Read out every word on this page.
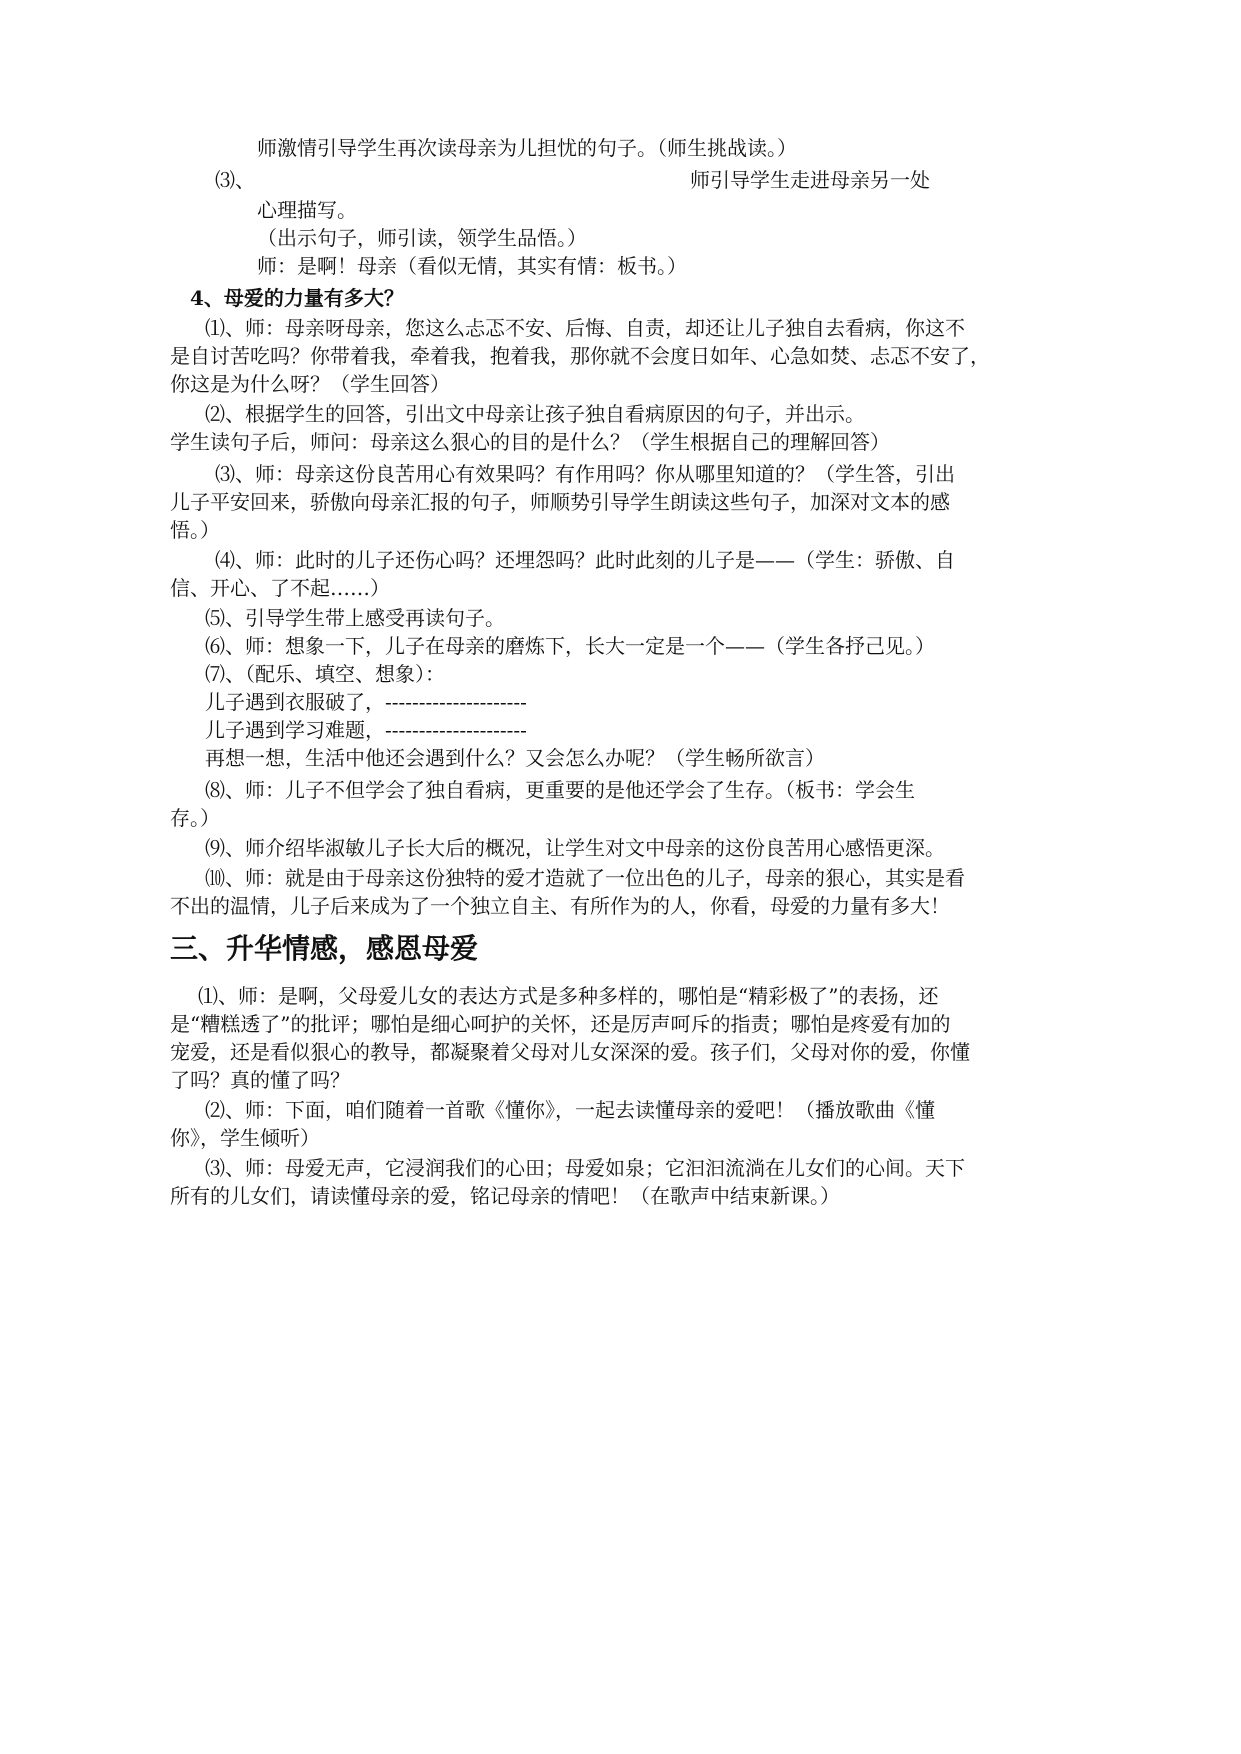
师激情引导学生再次读母亲为儿担忧的句子。（师生挑战读。）
⑶、	师引导学生走进母亲另一处
心理描写。
（出示句子，师引读，领学生品悟。）
师：是啊！母亲（看似无情，其实有情：板书。）
4、母爱的力量有多大？
⑴、师：母亲呀母亲，您这么忐忑不安、后悔、自责，却还让儿子独自去看病，你这不
是自讨苦吃吗？你带着我，牵着我，抱着我，那你就不会度日如年、心急如焚、忐忑不安了，
你这是为什么呀？（学生回答）
⑵、根据学生的回答，引出文中母亲让孩子独自看病原因的句子，并出示。
学生读句子后，师问：母亲这么狠心的目的是什么？（学生根据自己的理解回答）
⑶、师：母亲这份良苦用心有效果吗？有作用吗？你从哪里知道的？（学生答，引出
儿子平安回来，骄傲向母亲汇报的句子，师顺势引导学生朗读这些句子，加深对文本的感
悟。）
⑷、师：此时的儿子还伤心吗？还埋怨吗？此时此刻的儿子是——（学生：骄傲、自
信、开心、了不起……）
⑸、引导学生带上感受再读句子。
⑹、师：想象一下，儿子在母亲的磨炼下，长大一定是一个——（学生各抒己见。）
⑺、（配乐、填空、想象）：
儿子遇到衣服破了，---------------------
儿子遇到学习难题，---------------------
再想一想，生活中他还会遇到什么？又会怎么办呢？（学生畅所欲言）
⑻、师：儿子不但学会了独自看病，更重要的是他还学会了生存。（板书：学会生
存。）
⑼、师介绍毕淑敏儿子长大后的概况，让学生对文中母亲的这份良苦用心感悟更深。
⑽、师：就是由于母亲这份独特的爱才造就了一位出色的儿子，母亲的狠心，其实是看
不出的温情，儿子后来成为了一个独立自主、有所作为的人，你看，母爱的力量有多大！
三、升华情感，感恩母爱
⑴、师：是啊，父母爱儿女的表达方式是多种多样的，哪怕是“精彩极了”的表扬，还
是“糟糕透了”的批评；哪怕是细心呵护的关怀，还是厉声呵斥的指责；哪怕是疼爱有加的
宠爱，还是看似狠心的教导，都凝聚着父母对儿女深深的爱。孩子们，父母对你的爱，你懂
了吗？真的懂了吗？
⑵、师：下面，咱们随着一首歌《懂你》，一起去读懂母亲的爱吧！（播放歌曲《懂
你》，学生倾听）
⑶、师：母爱无声，它浸润我们的心田；母爱如泉；它汩汩流淌在儿女们的心间。天下
所有的儿女们，请读懂母亲的爱，铭记母亲的情吧！（在歌声中结束新课。）
